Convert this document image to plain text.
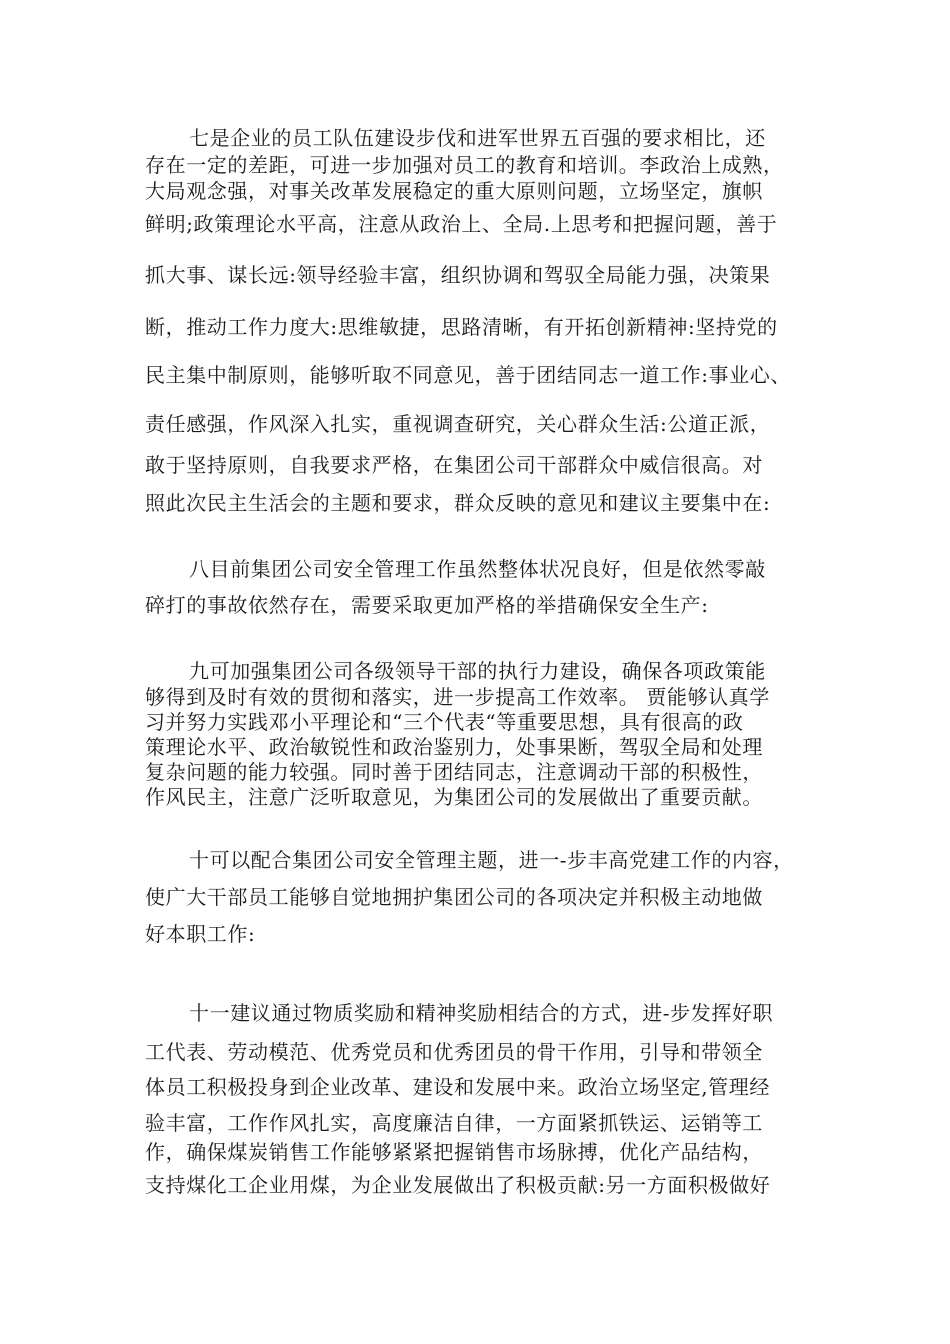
七是企业的员工队伍建设步伐和进军世界五百强的要求相比，还
存在一定的差距，可进一步加强对员工的教育和培训。李政治上成熟，
大局观念强，对事关改革发展稳定的重大原则问题，立场坚定，旗帜
鲜明;政策理论水平高，注意从政治上、全局.上思考和把握问题，善于
抓大事、谋长远:领导经验丰富，组织协调和驾驭全局能力强，决策果
断，推动工作力度大:思维敏捷，思路清晰，有开拓创新精神:坚持党的
民主集中制原则，能够听取不同意见，善于团结同志一道工作:事业心、
责任感强，作风深入扎实，重视调查研究，关心群众生活:公道正派，
敢于坚持原则，自我要求严格，在集团公司干部群众中威信很高。对
照此次民主生活会的主题和要求，群众反映的意见和建议主要集中在:
八目前集团公司安全管理工作虽然整体状况良好，但是依然零敲
碎打的事故依然存在，需要采取更加严格的举措确保安全生产:
九可加强集团公司各级领导干部的执行力建设，确保各项政策能
够得到及时有效的贯彻和落实，进一步提高工作效率。 贾能够认真学
习并努力实践邓小平理论和“三个代表“等重要思想，具有很高的政
策理论水平、政治敏锐性和政治鉴别力，处事果断，驾驭全局和处理
复杂问题的能力较强。同时善于团结同志，注意调动干部的积极性，
作风民主，注意广泛听取意见，为集团公司的发展做出了重要贡献。
十可以配合集团公司安全管理主题，进一-步丰高党建工作的内容，
使广大干部员工能够自觉地拥护集团公司的各项决定并积极主动地做
好本职工作:
十一建议通过物质奖励和精神奖励相结合的方式，进-步发挥好职
工代表、劳动模范、优秀党员和优秀团员的骨干作用，引导和带领全
体员工积极投身到企业改革、建设和发展中来。政治立场坚定,管理经
验丰富，工作作风扎实，高度廉洁自律，一方面紧抓铁运、运销等工
作，确保煤炭销售工作能够紧紧把握销售市场脉搏，优化产品结构，
支持煤化工企业用煤，为企业发展做出了积极贡献:另一方面积极做好
